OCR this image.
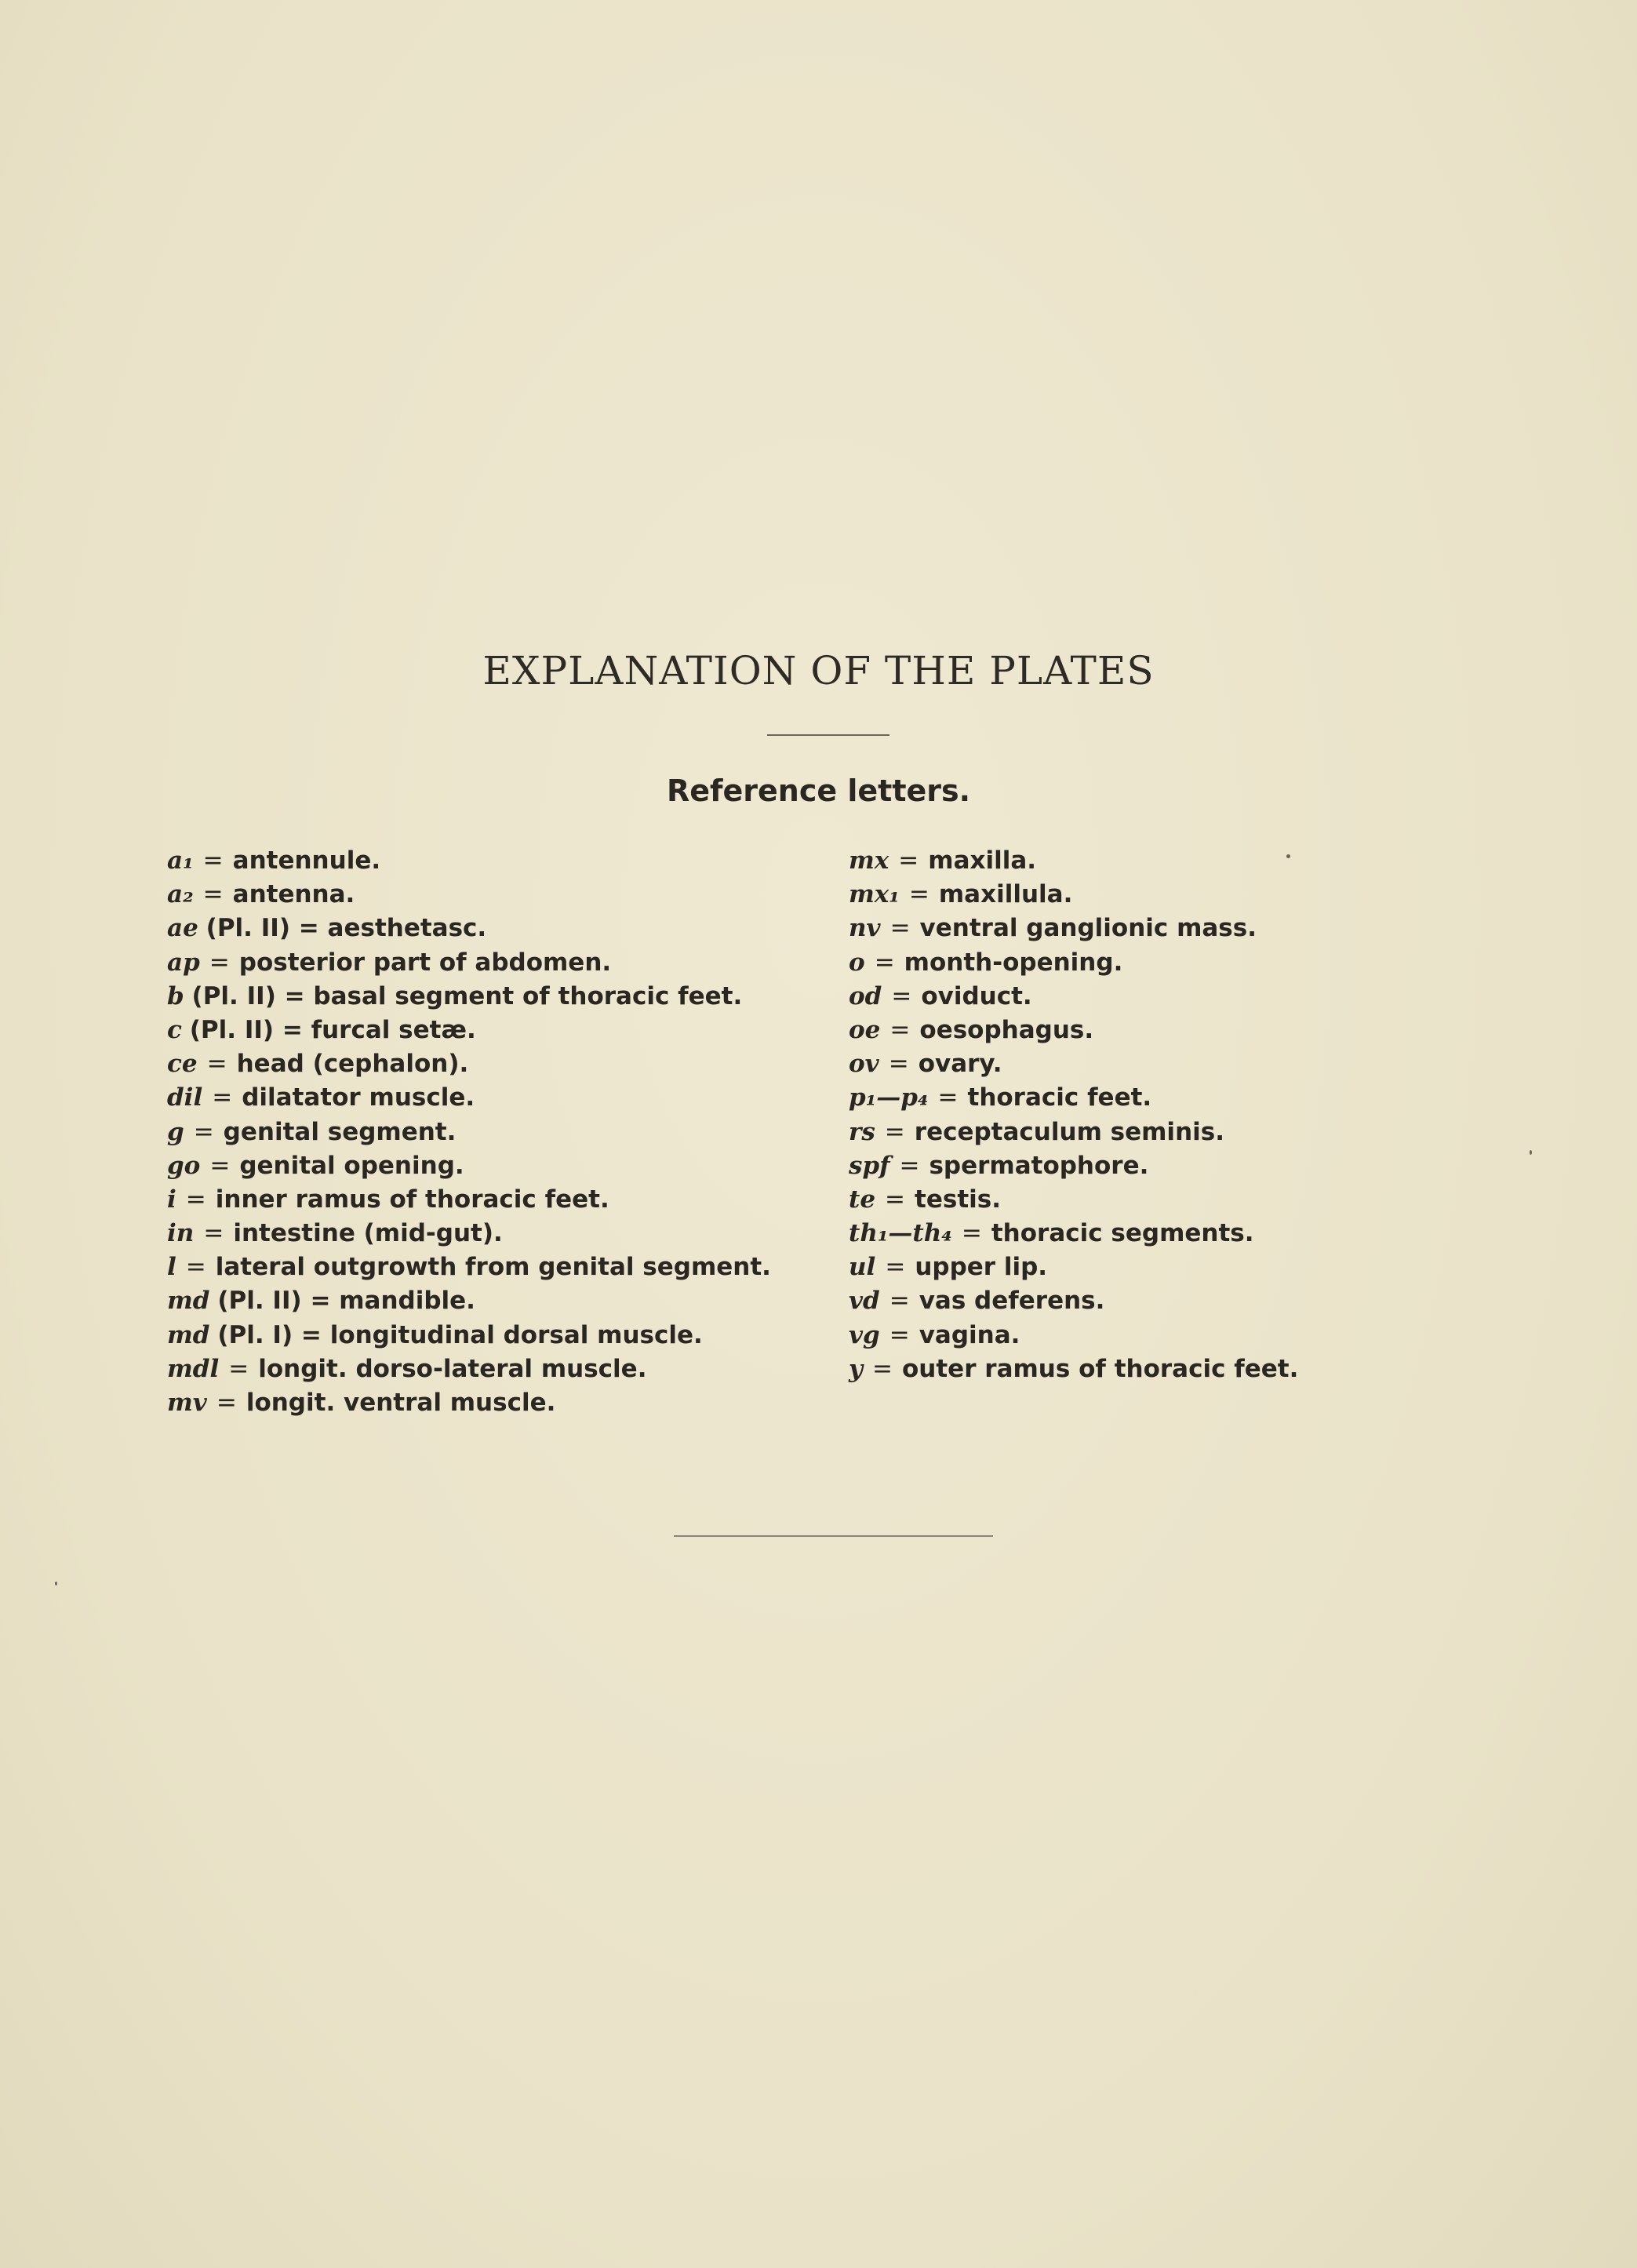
EXPLANATION OF THE PLATES
Reference letters.
a₁ = antennule.
a₂ = antenna.
ae (Pl. II) = aesthetasc.
ap = posterior part of abdomen.
b (Pl. II) = basal segment of thoracic feet.
c (Pl. II) = furcal setæ.
ce = head (cephalon).
dil = dilatator muscle.
g = genital segment.
go = genital opening.
i = inner ramus of thoracic feet.
in = intestine (mid-gut).
l = lateral outgrowth from genital segment.
md (Pl. II) = mandible.
md (Pl. I) = longitudinal dorsal muscle.
mdl = longit. dorso-lateral muscle.
mv = longit. ventral muscle.
mx = maxilla.
mx₁ = maxillula.
nv = ventral ganglionic mass.
o = month-opening.
od = oviduct.
oe = oesophagus.
ov = ovary.
p₁—p₄ = thoracic feet.
rs = receptaculum seminis.
spf = spermatophore.
te = testis.
th₁—th₄ = thoracic segments.
ul = upper lip.
vd = vas deferens.
vg = vagina.
y = outer ramus of thoracic feet.
